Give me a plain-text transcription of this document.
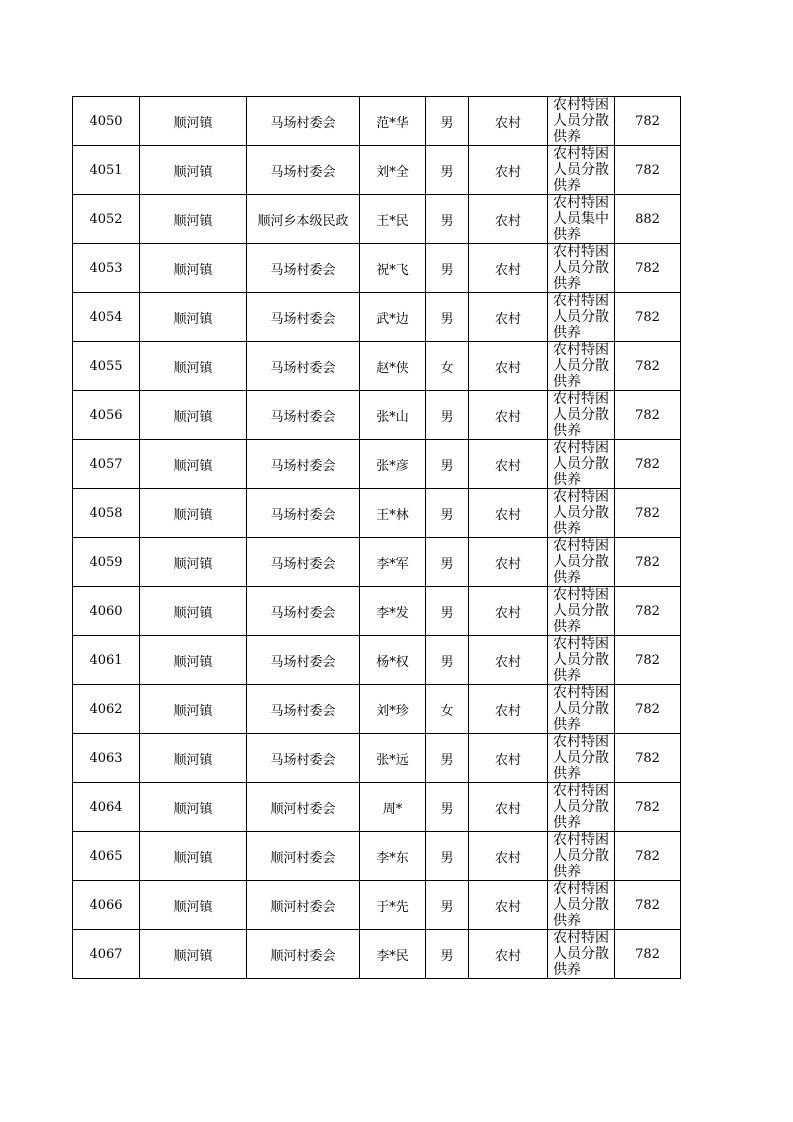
4050	顺河镇	马场村委会	范*华	男	农村	农村特困人员分散供养	782
4051	顺河镇	马场村委会	刘*全	男	农村	农村特困人员分散供养	782
4052	顺河镇	顺河乡本级民政	王*民	男	农村	农村特困人员集中供养	882
4053	顺河镇	马场村委会	祝*飞	男	农村	农村特困人员分散供养	782
4054	顺河镇	马场村委会	武*边	男	农村	农村特困人员分散供养	782
4055	顺河镇	马场村委会	赵*侠	女	农村	农村特困人员分散供养	782
4056	顺河镇	马场村委会	张*山	男	农村	农村特困人员分散供养	782
4057	顺河镇	马场村委会	张*彦	男	农村	农村特困人员分散供养	782
4058	顺河镇	马场村委会	王*林	男	农村	农村特困人员分散供养	782
4059	顺河镇	马场村委会	李*军	男	农村	农村特困人员分散供养	782
4060	顺河镇	马场村委会	李*发	男	农村	农村特困人员分散供养	782
4061	顺河镇	马场村委会	杨*权	男	农村	农村特困人员分散供养	782
4062	顺河镇	马场村委会	刘*珍	女	农村	农村特困人员分散供养	782
4063	顺河镇	马场村委会	张*远	男	农村	农村特困人员分散供养	782
4064	顺河镇	顺河村委会	周*	男	农村	农村特困人员分散供养	782
4065	顺河镇	顺河村委会	李*东	男	农村	农村特困人员分散供养	782
4066	顺河镇	顺河村委会	于*先	男	农村	农村特困人员分散供养	782
4067	顺河镇	顺河村委会	李*民	男	农村	农村特困人员分散供养	782
